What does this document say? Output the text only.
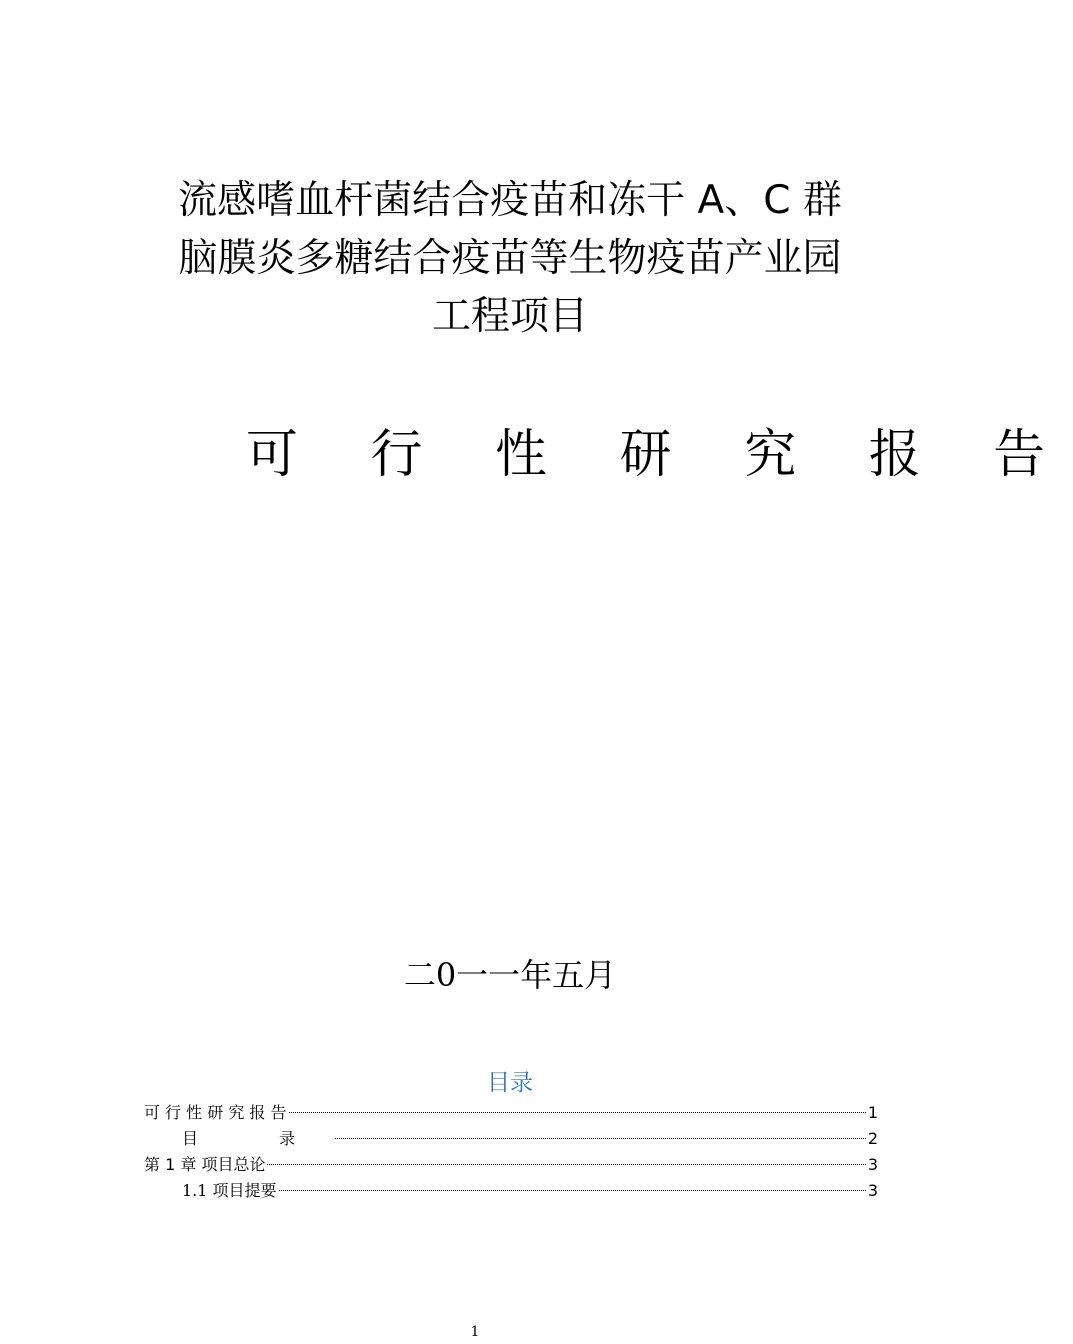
流感嗜血杆菌结合疫苗和冻干 A、C 群
脑膜炎多糖结合疫苗等生物疫苗产业园
工程项目
可 行 性 研 究 报 告
二0一一年五月
目录
可 行 性 研 究 报 告	1
目 录	2
第 1 章 项目总论	3
1.1 项目提要	3
1
